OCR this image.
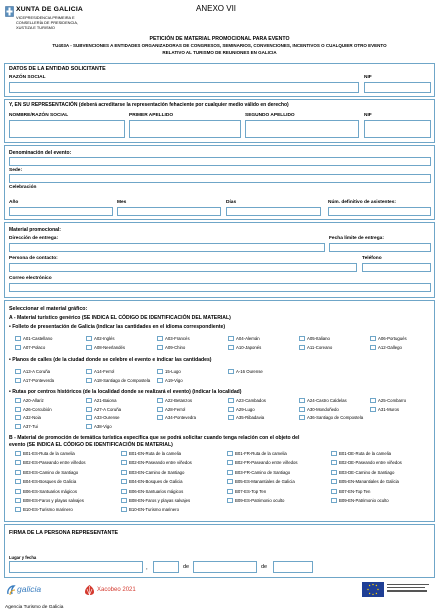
XUNTA DE GALICIA
VICEPRESIDENCIA PRIMEIRA E
CONSELLERÍA DE PRESIDENCIA,
XUSTIZA E TURISMO
ANEXO VII
PETICIÓN DE MATERIAL PROMOCIONAL PARA EVENTO
TU403A - SUBVENCIONES A ENTIDADES ORGANIZADORAS DE CONGRESOS, SEMINARIOS, CONVENCIONES, INCENTIVOS O CUALQUIER OTRO EVENTO
RELATIVO AL TURISMO DE REUNIONES EN GALICIA
DATOS DE LA ENTIDAD SOLICITANTE
RAZÓN SOCIAL	NIF
Y, EN SU REPRESENTACIÓN (deberá acreditarse la representación fehaciente por cualquier medio válido en derecho)
NOMBRE/RAZÓN SOCIAL	PRIMER APELLIDO	SEGUNDO APELLIDO	NIF
Denominación del evento:
Sede:
Celebración
Año	Mes	Días	Núm. definitivo de asistentes:
Material promocional:
Dirección de entrega:	Fecha límite de entrega:
Persona de contacto:	Teléfono
Correo electrónico
Seleccionar el material gráfico:
A - Material turístico genérico (SE INDICA EL CÓDIGO DE IDENTIFICACIÓN DEL MATERIAL)
• Folleto de presentación de Galicia (indicar las cantidades en el idioma correspondiente)
A01-Castellano	A02-Inglés	A03-Francés	A04-Alemán	A05-Italiano	A06-Portugués
A07-Polaco	A08-Neerlandés	A09-Chino	A10-Japonés	A11-Coreano	A12-Gallego
• Planos de calles (de la ciudad donde se celebre el evento e indicar las cantidades)
A13-A Coruña	A14-Ferrol	15-Lugo	A-16 Ourense
A17-Ponteverda	A18-Santiago de Compostela	A19-Vigo
• Rutas por centros históricos (de la localidad donde se realizará el evento) (indicar la localidad)
A20-Allariz	A21-Baiona	A22-Betanzos	A23-Cambados	A24-Castro Caldelas	A25-Combarro
A26-Corcubión	A27-A Coruña	A28-Ferrol	A29-Lugo	A30-Mondoñedo	A31-Muros
A32-Noia	A33-Ourense	A34-Pontevedra	A35-Ribadavia	A36-Santiago de Compostela
A37-Tui	A38-Vigo
B - Material de promoción de temática turística específica que se podrá solicitar cuando tenga relación con el objeto del
evento (SE INDICA EL CÓDIGO DE IDENTIFICACIÓN DE MATERIAL)
B01-ES-Ruta de la camelia	B01-EN-Ruta de la camelia	B01-FR-Ruta de la camelia	B01-DE-Ruta de la camelia
B02-ES-Paseando entre viñedos	B02-EN-Paseando entre viñedos	B02-FR-Paseando entre viñedos	B02-DE-Paseando entre viñedos
B03-ES-Camino de Santiago	B03-EN-Camino de Santiago	B03-FR-Camino de Santiago	B03-DE-Camino de Santiago
B04-ES-Bosques de Galicia	B04-EN-Bosques de Galicia	B05-ES-Manantiales de Galicia	B05-EN-Manantiales de Galicia
B06-ES-Santuarios mágicos	B06-EN-Santuarios mágicos	B07-ES-Top Ten	B07-EN-Top Ten
B08-ES-Faros y playas salvajes	B08-EN-Faros y playas salvajes	B09-ES-Patrimonio oculto	B09-EN-Patrimonio oculto
B10-ES-Turismo marinero	B10-EN-Turismo marinero
FIRMA DE LA PERSONA REPRESENTANTE
Lugar y fecha
,	de	de
galicia	Xacobeo 2021
Agencia Turismo de Galicia
